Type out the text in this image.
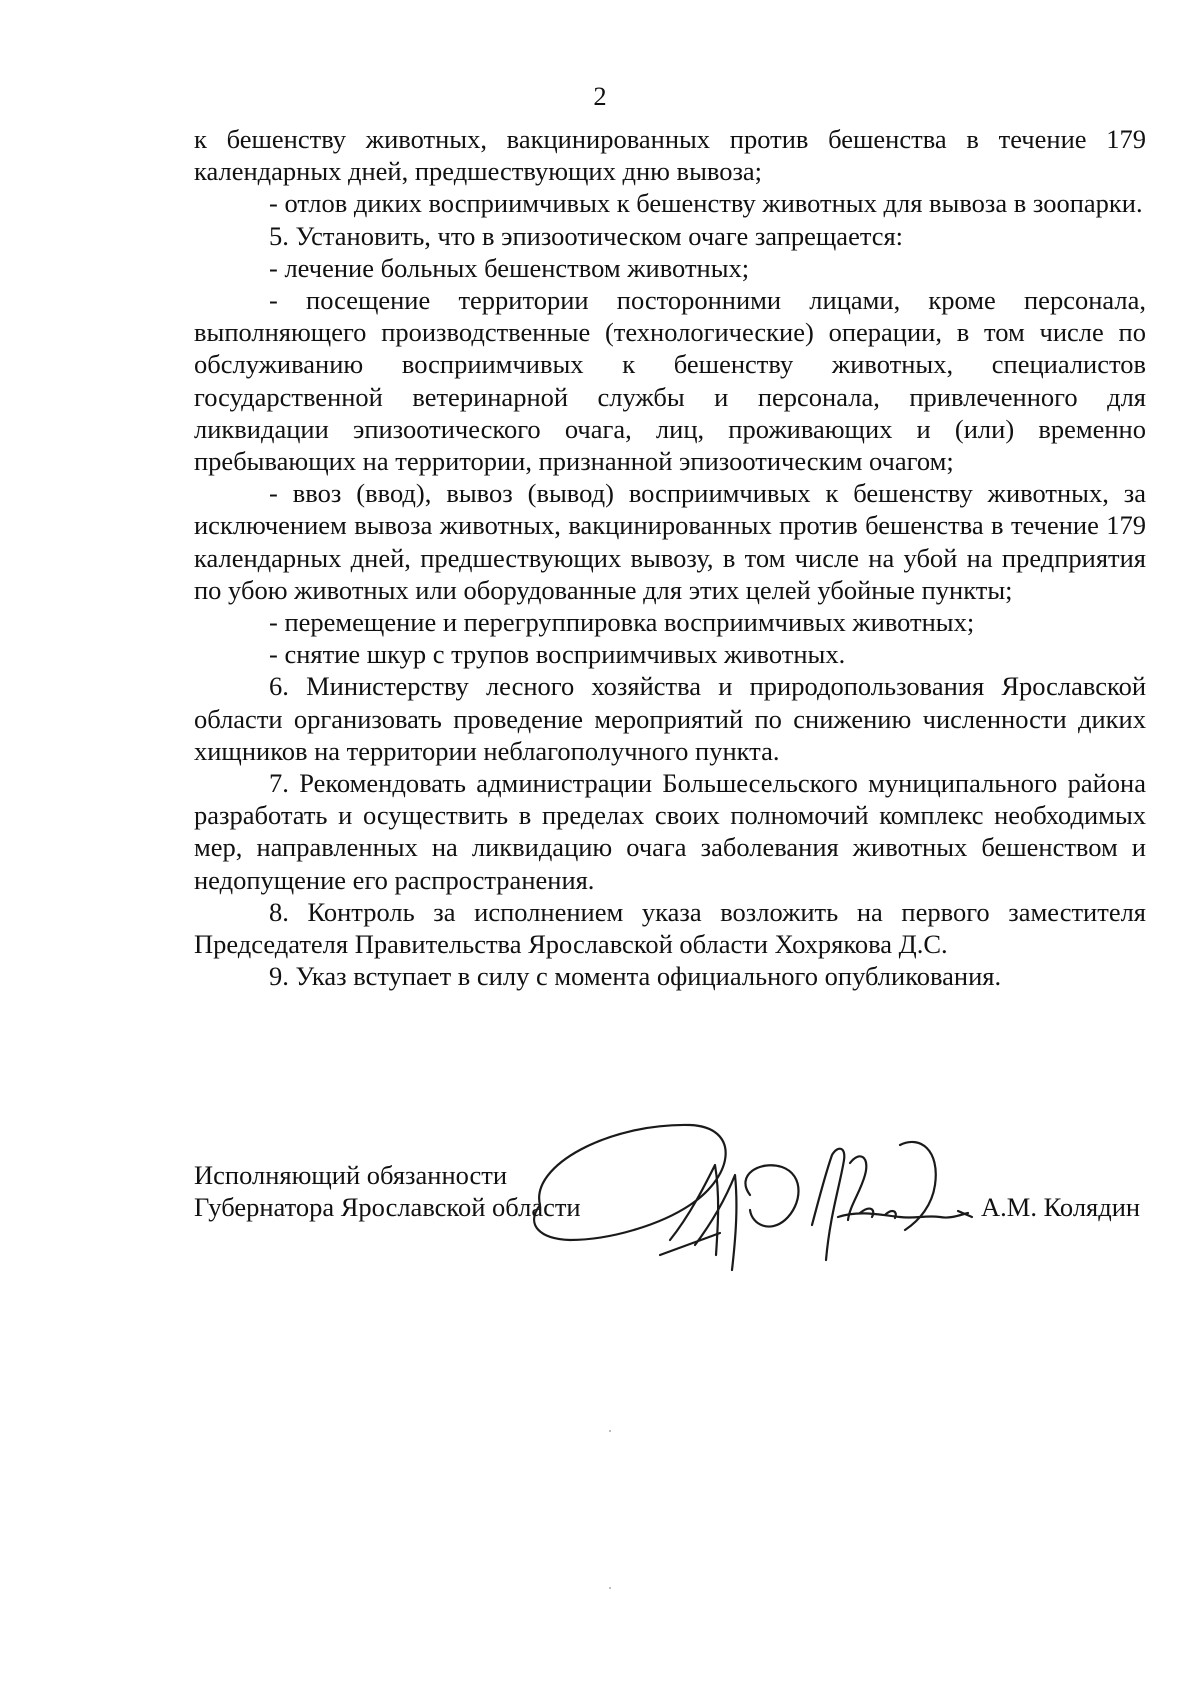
2

к бешенству животных, вакцинированных против бешенства в течение 179 календарных дней, предшествующих дню вывоза;

- отлов диких восприимчивых к бешенству животных для вывоза в зоопарки.

5. Установить, что в эпизоотическом очаге запрещается:

- лечение больных бешенством животных;

- посещение территории посторонними лицами, кроме персонала, выполняющего производственные (технологические) операции, в том числе по обслуживанию восприимчивых к бешенству животных, специалистов государственной ветеринарной службы и персонала, привлеченного для ликвидации эпизоотического очага, лиц, проживающих и (или) временно пребывающих на территории, признанной эпизоотическим очагом;

- ввоз (ввод), вывоз (вывод) восприимчивых к бешенству животных, за исключением вывоза животных, вакцинированных против бешенства в течение 179 календарных дней, предшествующих вывозу, в том числе на убой на предприятия по убою животных или оборудованные для этих целей убойные пункты;

- перемещение и перегруппировка восприимчивых животных;

- снятие шкур с трупов восприимчивых животных.

6. Министерству лесного хозяйства и природопользования Ярославской области организовать проведение мероприятий по снижению численности диких хищников на территории неблагополучного пункта.

7. Рекомендовать администрации Большесельского муниципального района разработать и осуществить в пределах своих полномочий комплекс необходимых мер, направленных на ликвидацию очага заболевания животных бешенством и недопущение его распространения.

8. Контроль за исполнением указа возложить на первого заместителя Председателя Правительства Ярославской области Хохрякова Д.С.

9. Указ вступает в силу с момента официального опубликования.

Исполняющий обязанности
Губернатора Ярославской области	А.М. Колядин
